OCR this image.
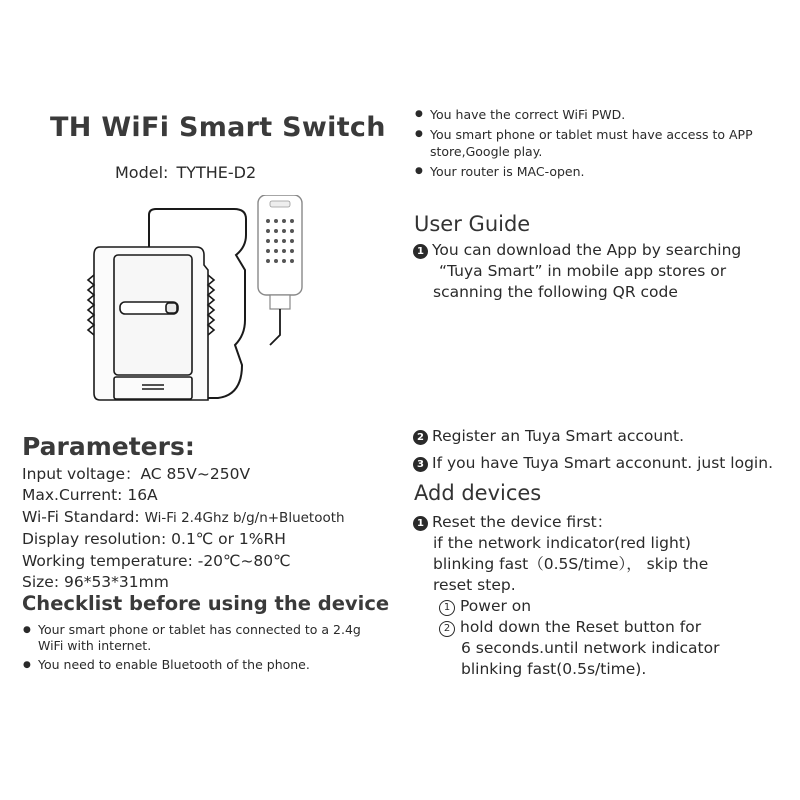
TH WiFi Smart Switch
Model: TYTHE-D2
Parameters:
Input voltage：AC 85V~250V
Max.Current: 16A
Wi-Fi Standard: Wi-Fi 2.4Ghz b/g/n+Bluetooth
Display resolution: 0.1℃ or 1%RH
Working temperature: -20℃~80℃
Size: 96*53*31mm
Checklist before using the device
● Your smart phone or tablet has connected to a 2.4g WiFi with internet.
● You need to enable Bluetooth of the phone.
● You have the correct WiFi PWD.
● You smart phone or tablet must have access to APP store,Google play.
● Your router is MAC-open.
User Guide
1 You can download the App by searching
“Tuya Smart” in mobile app stores or
scanning the following QR code
2 Register an Tuya Smart account.
3 If you have Tuya Smart acconunt. just login.
Add devices
1 Reset the device first：
if the network indicator(red light)
blinking fast（0.5S/time）， skip the
reset step.
1 Power on
2 hold down the Reset button for
6 seconds.until network indicator
blinking fast(0.5s/time).
